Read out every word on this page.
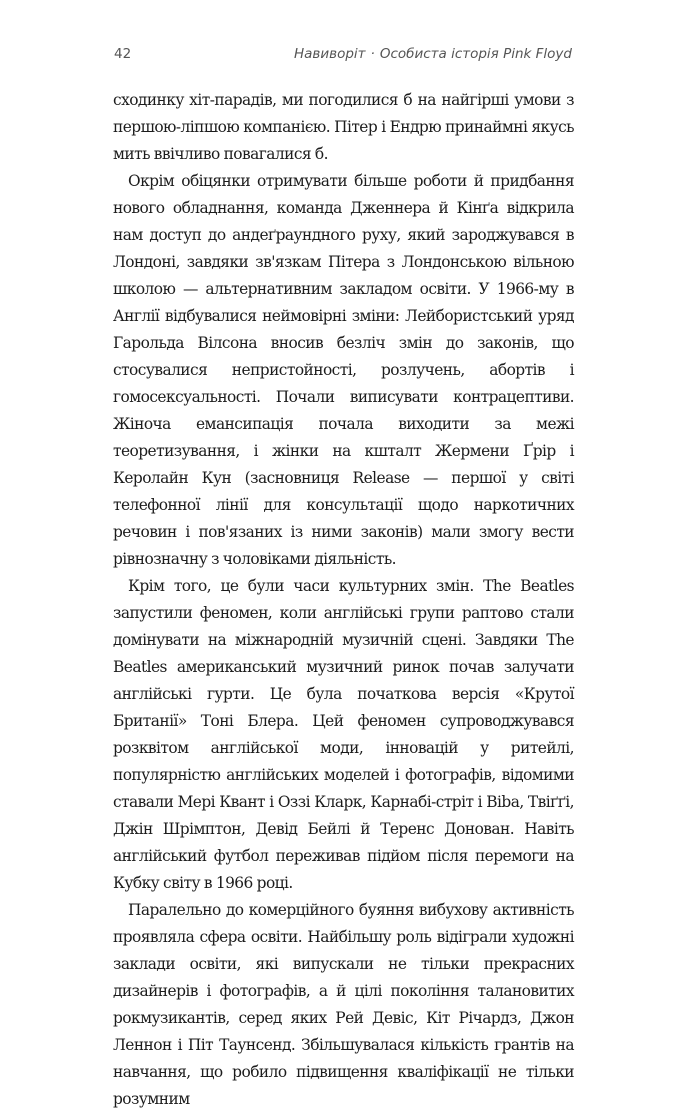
42	Навиворіт · Особиста історія Pink Floyd

сходинку хіт-парадів, ми погодилися б на найгірші умови з першою-ліпшою компанією. Пітер і Ендрю принаймні якусь мить ввічливо повагалися б.

Окрім обіцянки отримувати більше роботи й придбання нового обладнання, команда Дженнера й Кінґа відкрила нам доступ до андеґраундного руху, який зароджувався в Лондоні, завдяки зв'язкам Пітера з Лондонською вільною школою — альтернативним закладом освіти. У 1966-му в Англії відбувалися неймовірні зміни: Лейбористський уряд Гарольда Вілсона вносив безліч змін до законів, що стосувалися непристойності, розлучень, абортів і гомосексуальності. Почали виписувати контрацептиви. Жіноча емансипація почала виходити за межі теоретизування, і жінки на кшталт Жермени Ґрір і Керолайн Кун (засновниця Release — першої у світі телефонної лінії для консультації щодо наркотичних речовин і пов'язаних із ними законів) мали змогу вести рівнозначну з чоловіками діяльність.

Крім того, це були часи культурних змін. The Beatles запустили феномен, коли англійські групи раптово стали домінувати на міжнародній музичній сцені. Завдяки The Beatles американський музичний ринок почав залучати англійські гурти. Це була початкова версія «Крутої Британії» Тоні Блера. Цей феномен супроводжувався розквітом англійської моди, інновацій у ритейлі, популярністю англійських моделей і фотографів, відомими ставали Мері Квант і Оззі Кларк, Карнабі-стріт і Biba, Твіґґі, Джін Шрімптон, Девід Бейлі й Теренс Донован. Навіть англійський футбол переживав підйом після перемоги на Кубку світу в 1966 році.

Паралельно до комерційного буяння вибухову активність проявляла сфера освіти. Найбільшу роль відіграли художні заклади освіти, які випускали не тільки прекрасних дизайнерів і фотографів, а й цілі покоління талановитих рокмузикантів, серед яких Рей Девіс, Кіт Річардз, Джон Леннон і Піт Таунсенд. Збільшувалася кількість грантів на навчання, що робило підвищення кваліфікації не тільки розумним
